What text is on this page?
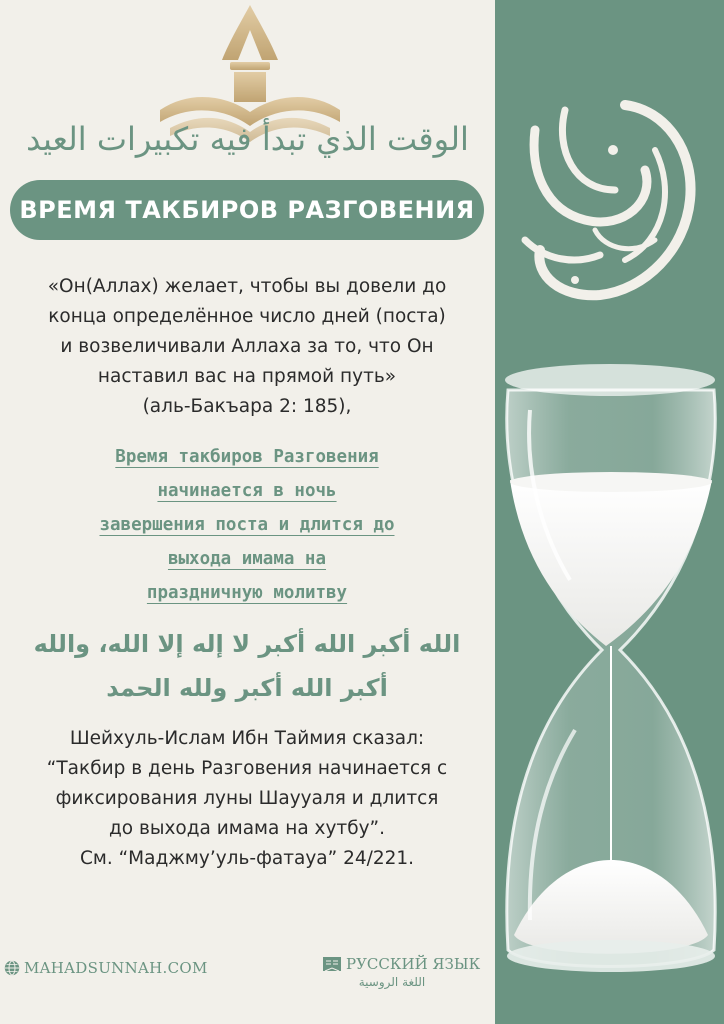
الوقت الذي تبدأ فيه تكبيرات العيد
ВРЕМЯ ТАКБИРОВ РАЗГОВЕНИЯ
«Он(Аллах) желает, чтобы вы довели до
конца определённое число дней (поста)
и возвеличивали Аллаха за то, что Он
наставил вас на прямой путь»
(аль-Бакъара 2: 185),
Время такбиров Разговения
начинается в ночь
завершения поста и длится до
выхода имама на
праздничную молитву
الله أكبر الله أكبر لا إله إلا الله، والله
أكبر الله أكبر ولله الحمد
Шейхуль-Ислам Ибн Таймия сказал:
“Такбир в день Разговения начинается с
фиксирования луны Шаууаля и длится
до выхода имама на хутбу”.
См. “Маджму’уль-фатауа” 24/221.
MAHADSUNNAH.COM	РУССКИЙ ЯЗЫК
اللغة الروسية
